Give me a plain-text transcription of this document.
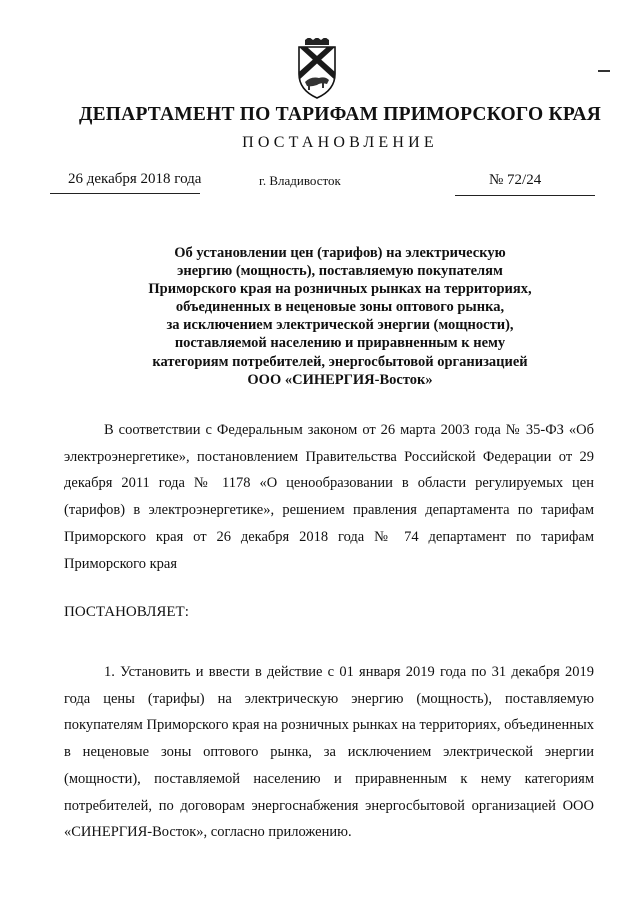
ДЕПАРТАМЕНТ ПО ТАРИФАМ ПРИМОРСКОГО КРАЯ
ПОСТАНОВЛЕНИЕ
26 декабря 2018 года	г. Владивосток	№ 72/24
Об установлении цен (тарифов) на электрическую
энергию (мощность), поставляемую покупателям
Приморского края на розничных рынках на территориях,
объединенных в неценовые зоны оптового рынка,
за исключением электрической энергии (мощности),
поставляемой населению и приравненным к нему
категориям потребителей, энергосбытовой организацией
ООО «СИНЕРГИЯ-Восток»

В соответствии с Федеральным законом от 26 марта 2003 года № 35-ФЗ «Об электроэнергетике», постановлением Правительства Российской Федерации от 29 декабря 2011 года № 1178 «О ценообразовании в области регулируемых цен (тарифов) в электроэнергетике», решением правления департамента по тарифам Приморского края от 26 декабря 2018 года № 74 департамент по тарифам Приморского края

ПОСТАНОВЛЯЕТ:

1. Установить и ввести в действие с 01 января 2019 года по 31 декабря 2019 года цены (тарифы) на электрическую энергию (мощность), поставляемую покупателям Приморского края на розничных рынках на территориях, объединенных в неценовые зоны оптового рынка, за исключением электрической энергии (мощности), поставляемой населению и приравненным к нему категориям потребителей, по договорам энергоснабжения энергосбытовой организацией ООО «СИНЕРГИЯ-Восток», согласно приложению.
